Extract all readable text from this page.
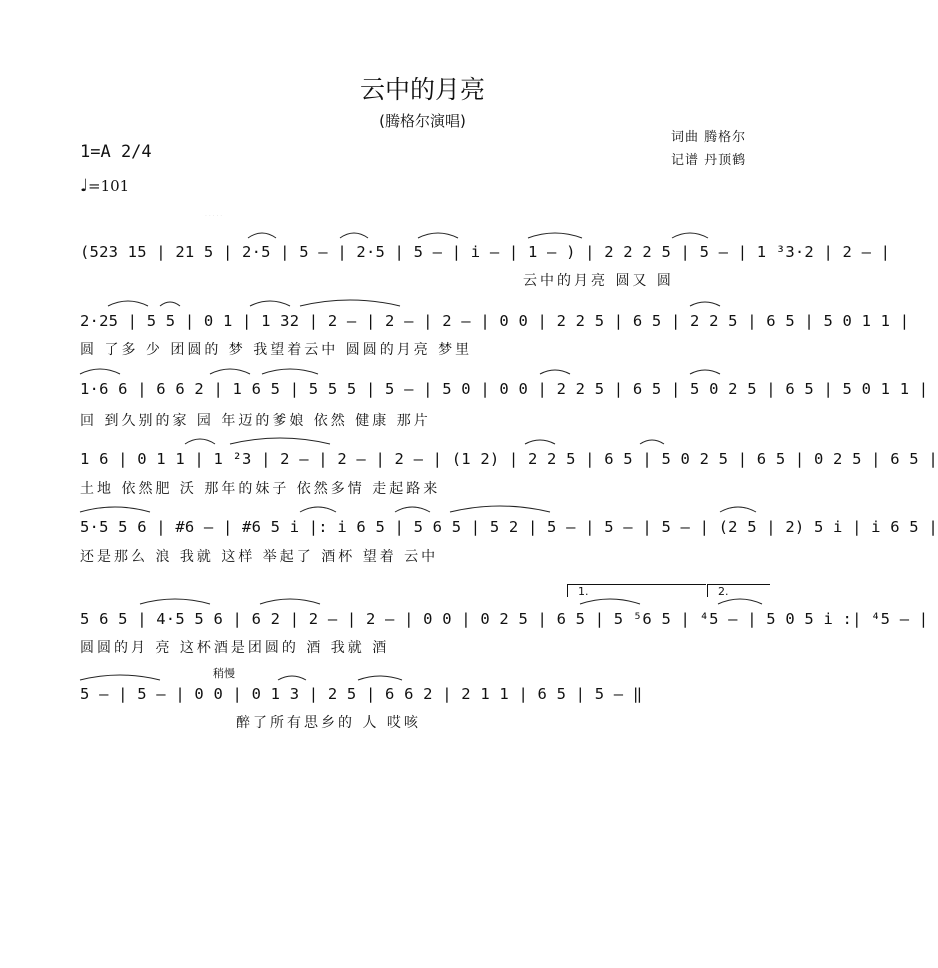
云中的月亮
(腾格尔演唱)
词曲 腾格尔
记谱 丹顶鹤
1=A 2/4
♩=101
· · · · ·
(523 15 | 21 5 | 2·5 | 5 – | 2·5 | 5 – | i – | 1 – ) | 2 2 2 5 | 5 – | 1 ³3·2 | 2 – |
云中的月亮 圆又 圆
2·25 | 5 5 | 0 1 | 1 32 | 2 – | 2 – | 2 – | 0 0 | 2 2 5 | 6 5 | 2 2 5 | 6 5 | 5 0 1 1 |
圆 了多 少 团圆的 梦 我望着云中 圆圆的月亮 梦里
1·6 6 | 6 6 2 | 1 6 5 | 5 5 5 | 5 – | 5 0 | 0 0 | 2 2 5 | 6 5 | 5 0 2 5 | 6 5 | 5 0 1 1 |
回 到久别的家 园 年迈的爹娘 依然 健康 那片
1 6 | 0 1 1 | 1 ²3 | 2 – | 2 – | 2 – | (1 2) | 2 2 5 | 6 5 | 5 0 2 5 | 6 5 | 0 2 5 | 6 5 |
土地 依然肥 沃 那年的妹子 依然多情 走起路来
5·5 5 6 | #6 – | #6 5 i |: i 6 5 | 5 6 5 | 5 2 | 5 – | 5 – | 5 – | (2 5 | 2) 5 i | i 6 5 |
还是那么 浪 我就 这样 举起了 酒杯 望着 云中
1.	2.
5 6 5 | 4·5 5 6 | 6 2 | 2 – | 2 – | 0 0 | 0 2 5 | 6 5 | 5 ⁵6 5 | ⁴5 – | 5 0 5 i :| ⁴5 – |
圆圆的月 亮 这杯酒是团圆的 酒 我就 酒
稍慢
5 – | 5 – | 0 0 | 0 1 3 | 2 5 | 6 6 2 | 2 1 1 | 6 5 | 5 – ‖
醉了所有思乡的 人 哎咳
